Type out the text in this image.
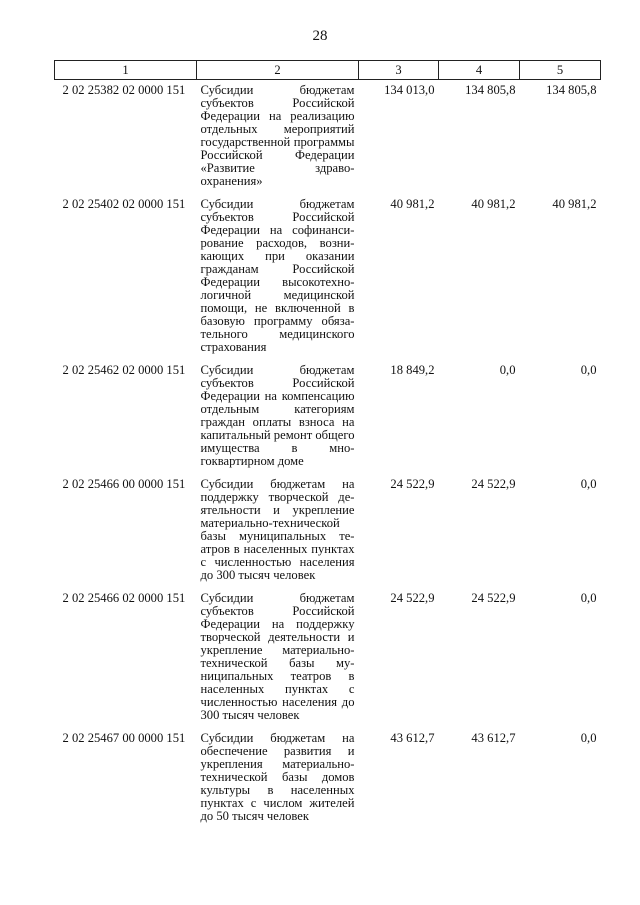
28
1	2	3	4	5
2 02 25382 02 0000 151	Субсидии бюджетам субъектов Российской Федерации на реализацию отдельных мероприятий государственной программы Российской Федерации «Развитие здравоохранения»	134 013,0	134 805,8	134 805,8
2 02 25402 02 0000 151	Субсидии бюджетам субъектов Российской Федерации на софинансирование расходов, возникающих при оказании гражданам Российской Федерации высокотехнологичной медицинской помощи, не включенной в базовую программу обязательного медицинского страхования	40 981,2	40 981,2	40 981,2
2 02 25462 02 0000 151	Субсидии бюджетам субъектов Российской Федерации на компенсацию отдельным категориям граждан оплаты взноса на капитальный ремонт общего имущества в многоквартирном доме	18 849,2	0,0	0,0
2 02 25466 00 0000 151	Субсидии бюджетам на поддержку творческой деятельности и укрепление материально-технической базы муниципальных театров в населенных пунктах с численностью населения до 300 тысяч человек	24 522,9	24 522,9	0,0
2 02 25466 02 0000 151	Субсидии бюджетам субъектов Российской Федерации на поддержку творческой деятельности и укрепление материально-технической базы муниципальных театров в населенных пунктах с численностью населения до 300 тысяч человек	24 522,9	24 522,9	0,0
2 02 25467 00 0000 151	Субсидии бюджетам на обеспечение развития и укрепления материально-технической базы домов культуры в населенных пунктах с числом жителей до 50 тысяч человек	43 612,7	43 612,7	0,0
